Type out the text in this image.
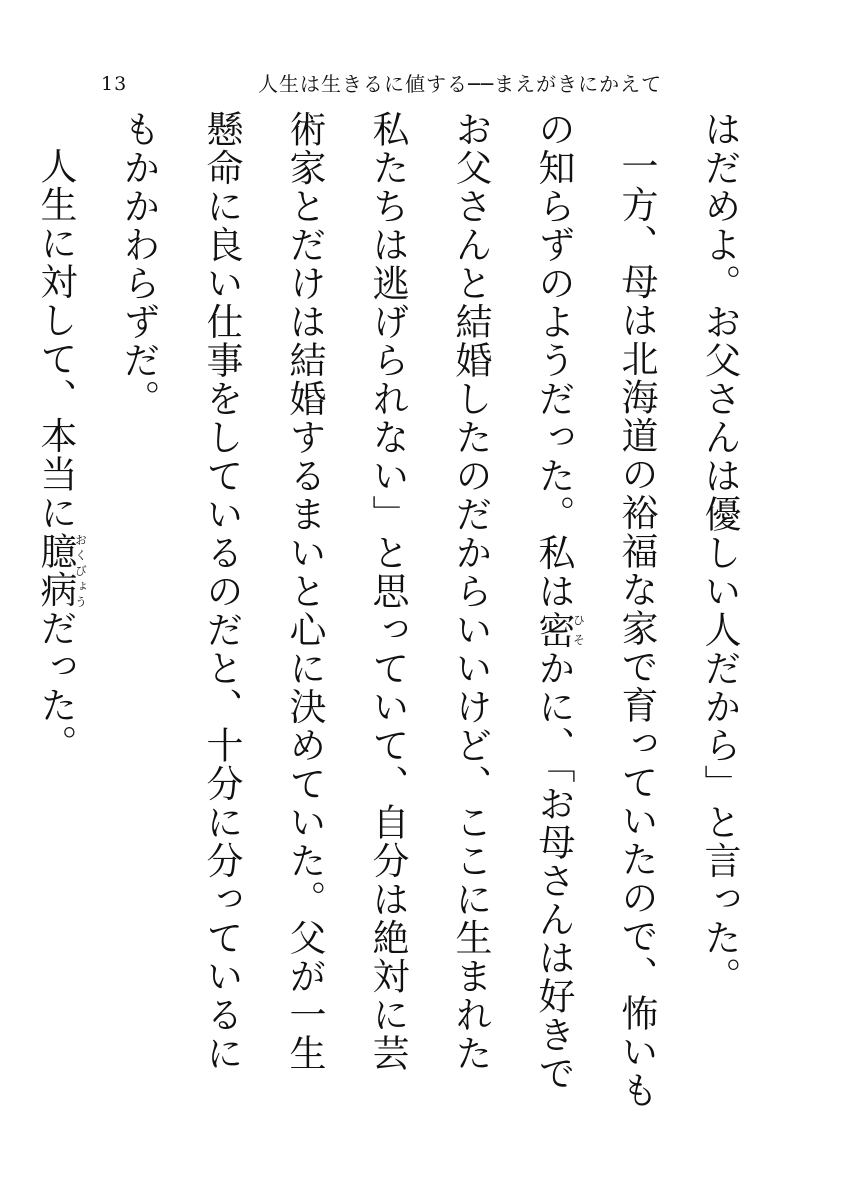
13	人生は生きるに値する──まえがきにかえて

はだめよ。お父さんは優しい人だから」と言った。

一方、母は北海道の裕福な家で育っていたので、怖いもの知らずのようだった。私は密ひそかに、「お母さんは好きでお父さんと結婚したのだからいいけど、ここに生まれた私たちは逃げられない」と思っていて、自分は絶対に芸術家とだけは結婚するまいと心に決めていた。父が一生懸命に良い仕事をしているのだと、十分に分っているにもかかわらずだ。

人生に対して、本当に臆病おくびょうだった。
